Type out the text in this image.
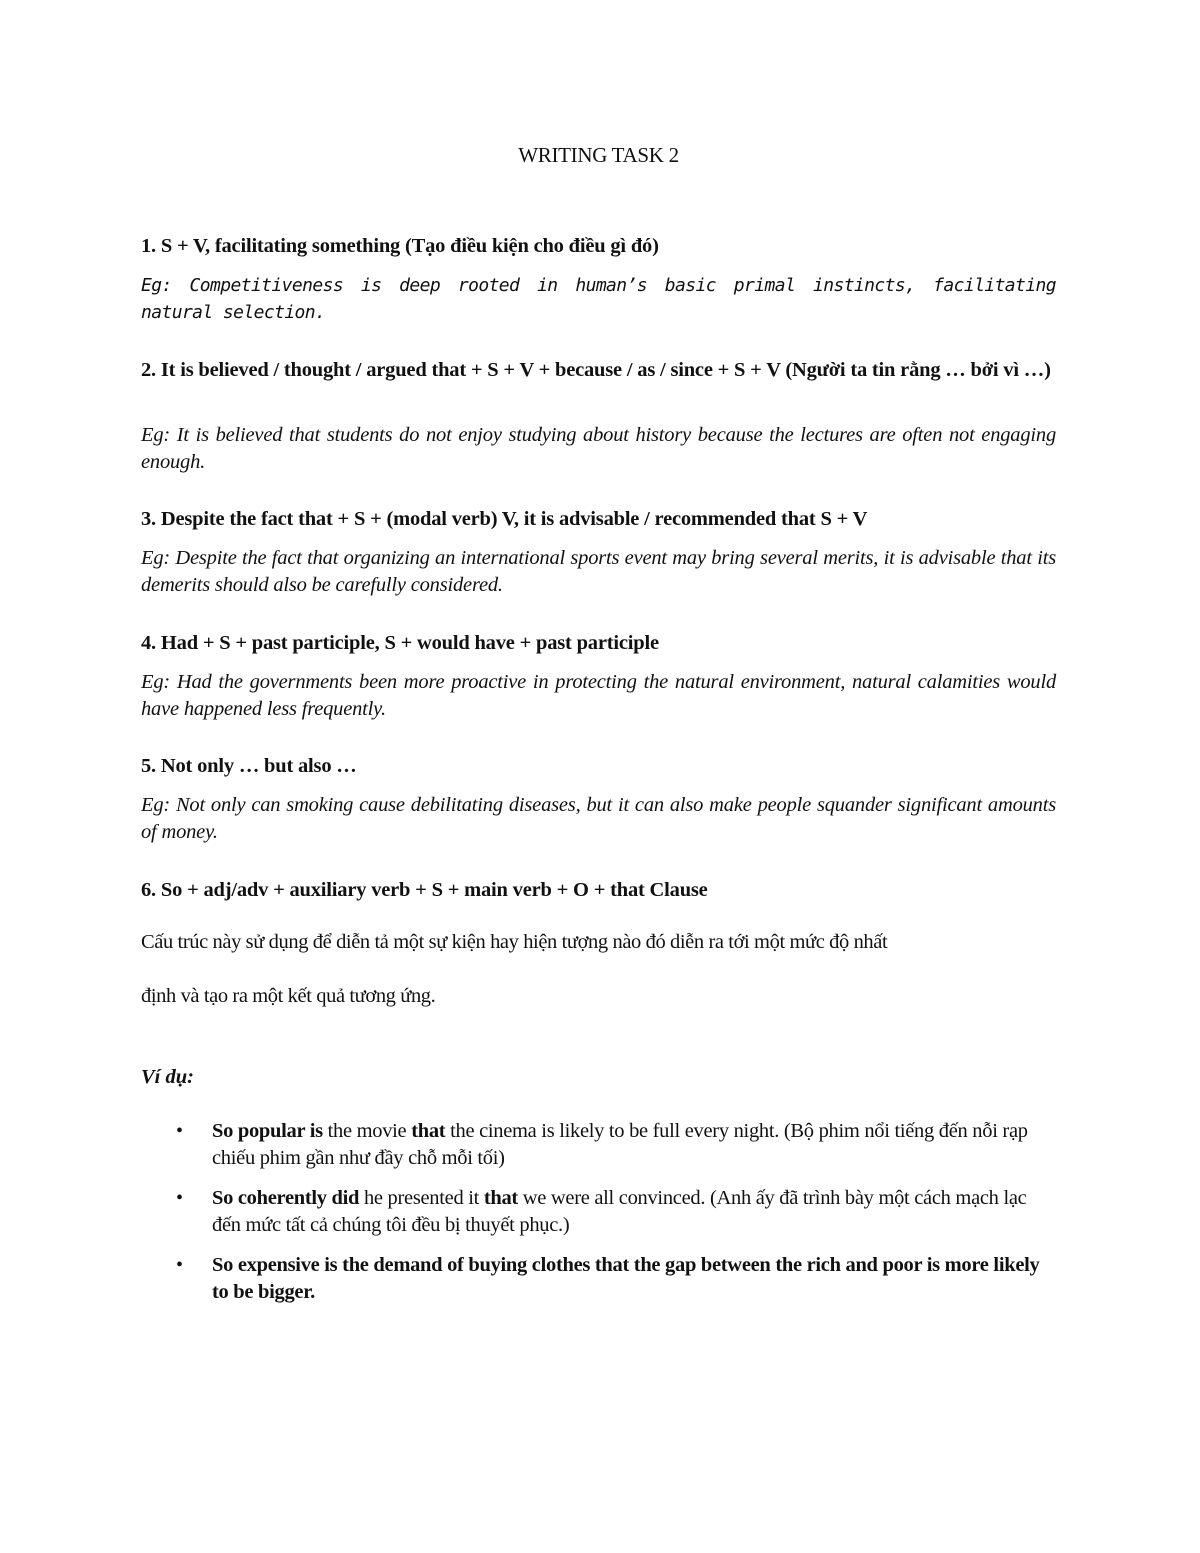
WRITING TASK 2
1. S + V, facilitating something (Tạo điều kiện cho điều gì đó)
Eg: Competitiveness is deep rooted in human’s basic primal instincts, facilitating natural selection.
2. It is believed / thought / argued that + S + V + because / as / since + S + V (Người ta tin rằng … bởi vì …)
Eg: It is believed that students do not enjoy studying about history because the lectures are often not engaging enough.
3. Despite the fact that + S + (modal verb) V, it is advisable / recommended that S + V
Eg: Despite the fact that organizing an international sports event may bring several merits, it is advisable that its demerits should also be carefully considered.
4. Had + S + past participle, S + would have + past participle
Eg: Had the governments been more proactive in protecting the natural environment, natural calamities would have happened less frequently.
5. Not only … but also …
Eg: Not only can smoking cause debilitating diseases, but it can also make people squander significant amounts of money.
6. So + adj/adv + auxiliary verb + S + main verb + O + that Clause
Cấu trúc này sử dụng để diễn tả một sự kiện hay hiện tượng nào đó diễn ra tới một mức độ nhất
định và tạo ra một kết quả tương ứng.
Ví dụ:
• So popular is the movie that the cinema is likely to be full every night. (Bộ phim nổi tiếng đến nỗi rạp chiếu phim gần như đầy chỗ mỗi tối)
• So coherently did he presented it that we were all convinced. (Anh ấy đã trình bày một cách mạch lạc đến mức tất cả chúng tôi đều bị thuyết phục.)
• So expensive is the demand of buying clothes that the gap between the rich and poor is more likely to be bigger.
